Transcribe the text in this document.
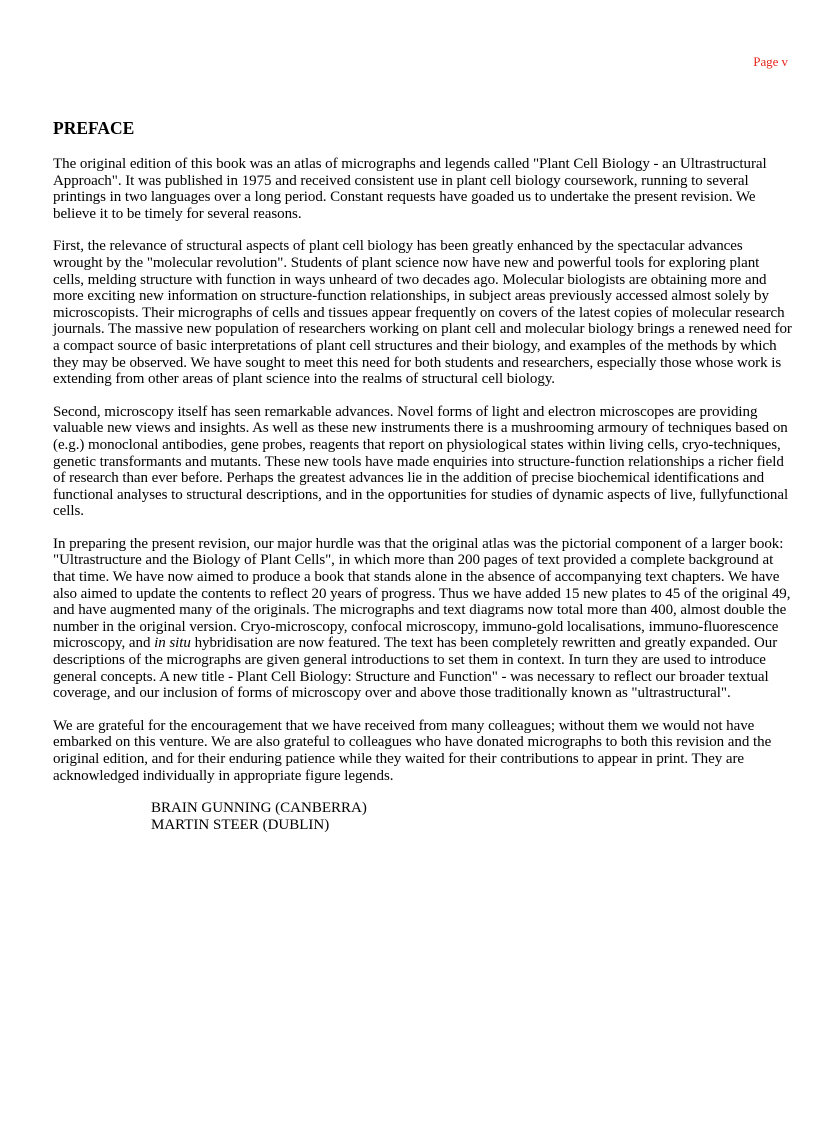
Page v

PREFACE

The original edition of this book was an atlas of micrographs and legends called "Plant Cell Biology - an Ultrastructural Approach". It was published in 1975 and received consistent use in plant cell biology coursework, running to several printings in two languages over a long period. Constant requests have goaded us to undertake the present revision. We believe it to be timely for several reasons.

First, the relevance of structural aspects of plant cell biology has been greatly enhanced by the spectacular advances wrought by the "molecular revolution". Students of plant science now have new and powerful tools for exploring plant cells, melding structure with function in ways unheard of two decades ago. Molecular biologists are obtaining more and more exciting new information on structure-function relationships, in subject areas previously accessed almost solely by microscopists. Their micrographs of cells and tissues appear frequently on covers of the latest copies of molecular research journals. The massive new population of researchers working on plant cell and molecular biology brings a renewed need for a compact source of basic interpretations of plant cell structures and their biology, and examples of the methods by which they may be observed. We have sought to meet this need for both students and researchers, especially those whose work is extending from other areas of plant science into the realms of structural cell biology.

Second, microscopy itself has seen remarkable advances. Novel forms of light and electron microscopes are providing valuable new views and insights. As well as these new instruments there is a mushrooming armoury of techniques based on (e.g.) monoclonal antibodies, gene probes, reagents that report on physiological states within living cells, cryo-techniques, genetic transformants and mutants. These new tools have made enquiries into structure-function relationships a richer field of research than ever before. Perhaps the greatest advances lie in the addition of precise biochemical identifications and functional analyses to structural descriptions, and in the opportunities for studies of dynamic aspects of live, fullyfunctional cells.

In preparing the present revision, our major hurdle was that the original atlas was the pictorial component of a larger book: "Ultrastructure and the Biology of Plant Cells", in which more than 200 pages of text provided a complete background at that time. We have now aimed to produce a book that stands alone in the absence of accompanying text chapters. We have also aimed to update the contents to reflect 20 years of progress. Thus we have added 15 new plates to 45 of the original 49, and have augmented many of the originals. The micrographs and text diagrams now total more than 400, almost double the number in the original version. Cryo-microscopy, confocal microscopy, immuno-gold localisations, immuno-fluorescence microscopy, and in situ hybridisation are now featured. The text has been completely rewritten and greatly expanded. Our descriptions of the micrographs are given general introductions to set them in context. In turn they are used to introduce general concepts. A new title - Plant Cell Biology: Structure and Function" - was necessary to reflect our broader textual coverage, and our inclusion of forms of microscopy over and above those traditionally known as "ultrastructural".

We are grateful for the encouragement that we have received from many colleagues; without them we would not have embarked on this venture. We are also grateful to colleagues who have donated micrographs to both this revision and the original edition, and for their enduring patience while they waited for their contributions to appear in print. They are acknowledged individually in appropriate figure legends.

BRAIN GUNNING (CANBERRA)
MARTIN STEER (DUBLIN)
